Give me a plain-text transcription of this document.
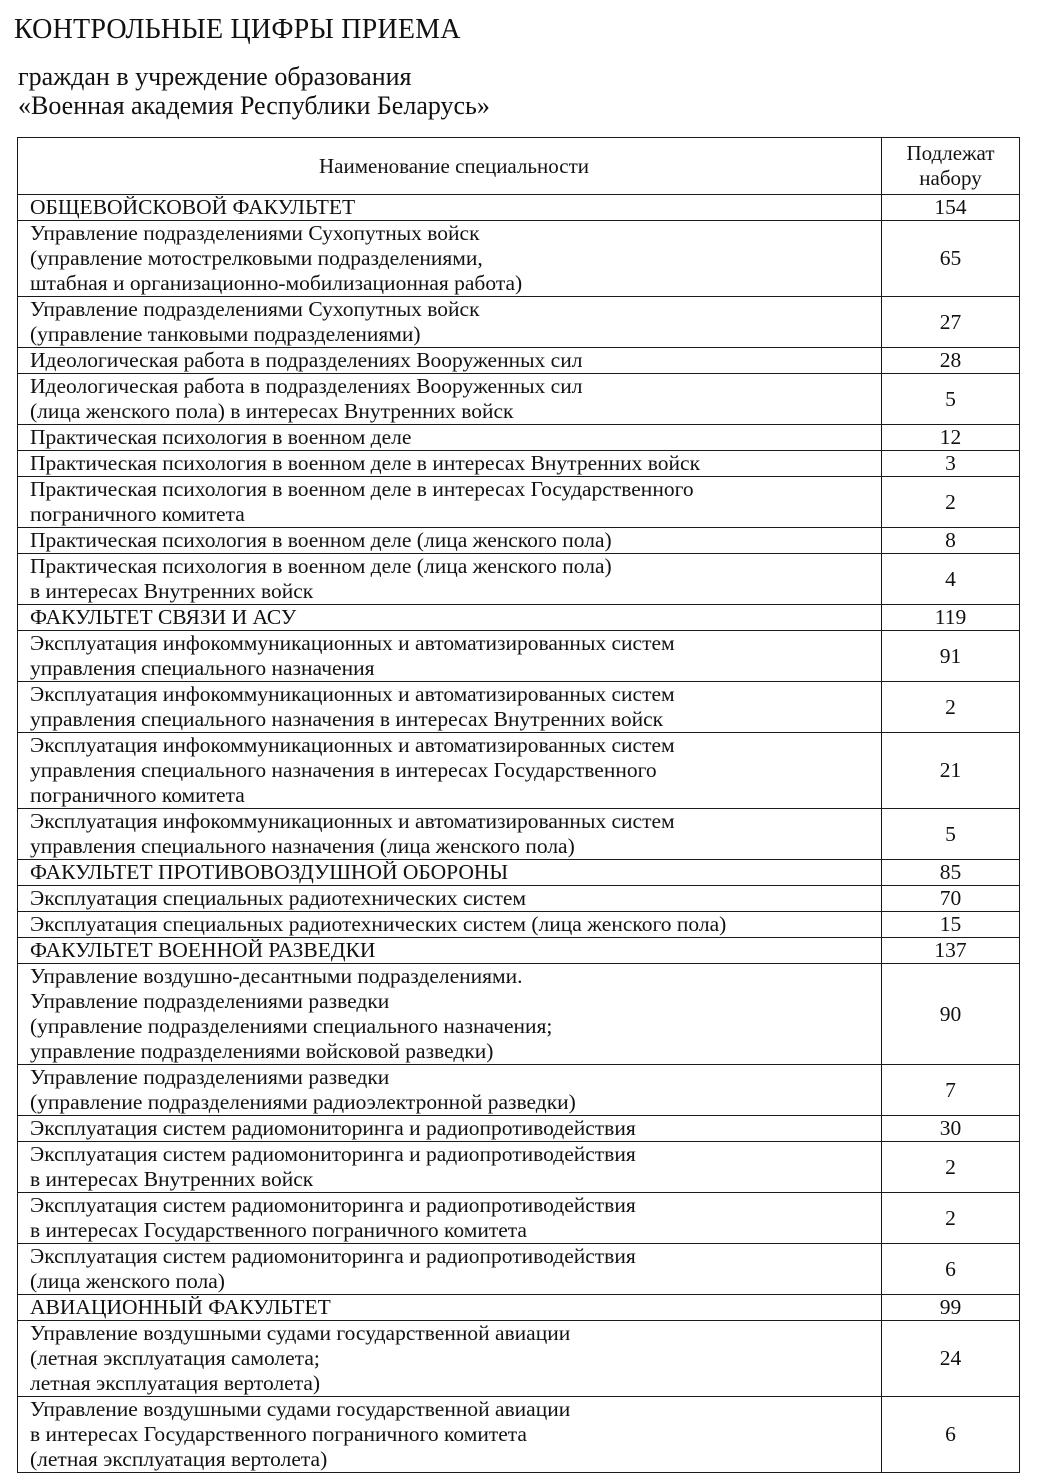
КОНТРОЛЬНЫЕ ЦИФРЫ ПРИЕМА
граждан в учреждение образования
«Военная академия Республики Беларусь»
Наименование специальности	Подлежат
набору

ОБЩЕВОЙСКОВОЙ ФАКУЛЬТЕТ	154

Управление подразделениями Сухопутных войск
(управление мотострелковыми подразделениями,
штабная и организационно-мобилизационная работа)	65

Управление подразделениями Сухопутных войск
(управление танковыми подразделениями)	27

Идеологическая работа в подразделениях Вооруженных сил	28

Идеологическая работа в подразделениях Вооруженных сил
(лица женского пола) в интересах Внутренних войск	5

Практическая психология в военном деле	12

Практическая психология в военном деле в интересах Внутренних войск	3

Практическая психология в военном деле в интересах Государственного
пограничного комитета	2

Практическая психология в военном деле (лица женского пола)	8

Практическая психология в военном деле (лица женского пола)
в интересах Внутренних войск	4

ФАКУЛЬТЕТ СВЯЗИ И АСУ	119

Эксплуатация инфокоммуникационных и автоматизированных систем
управления специального назначения	91

Эксплуатация инфокоммуникационных и автоматизированных систем
управления специального назначения в интересах Внутренних войск	2

Эксплуатация инфокоммуникационных и автоматизированных систем
управления специального назначения в интересах Государственного
пограничного комитета	21

Эксплуатация инфокоммуникационных и автоматизированных систем
управления специального назначения (лица женского пола)	5

ФАКУЛЬТЕТ ПРОТИВОВОЗДУШНОЙ ОБОРОНЫ	85

Эксплуатация специальных радиотехнических систем	70

Эксплуатация специальных радиотехнических систем (лица женского пола)	15

ФАКУЛЬТЕТ ВОЕННОЙ РАЗВЕДКИ	137

Управление воздушно-десантными подразделениями.
Управление подразделениями разведки
(управление подразделениями специального назначения;
управление подразделениями войсковой разведки)	90

Управление подразделениями разведки
(управление подразделениями радиоэлектронной разведки)	7

Эксплуатация систем радиомониторинга и радиопротиводействия	30

Эксплуатация систем радиомониторинга и радиопротиводействия
в интересах Внутренних войск	2

Эксплуатация систем радиомониторинга и радиопротиводействия
в интересах Государственного пограничного комитета	2

Эксплуатация систем радиомониторинга и радиопротиводействия
(лица женского пола)	6

АВИАЦИОННЫЙ ФАКУЛЬТЕТ	99

Управление воздушными судами государственной авиации
(летная эксплуатация самолета;
летная эксплуатация вертолета)	24

Управление воздушными судами государственной авиации
в интересах Государственного пограничного комитета
(летная эксплуатация вертолета)	6
